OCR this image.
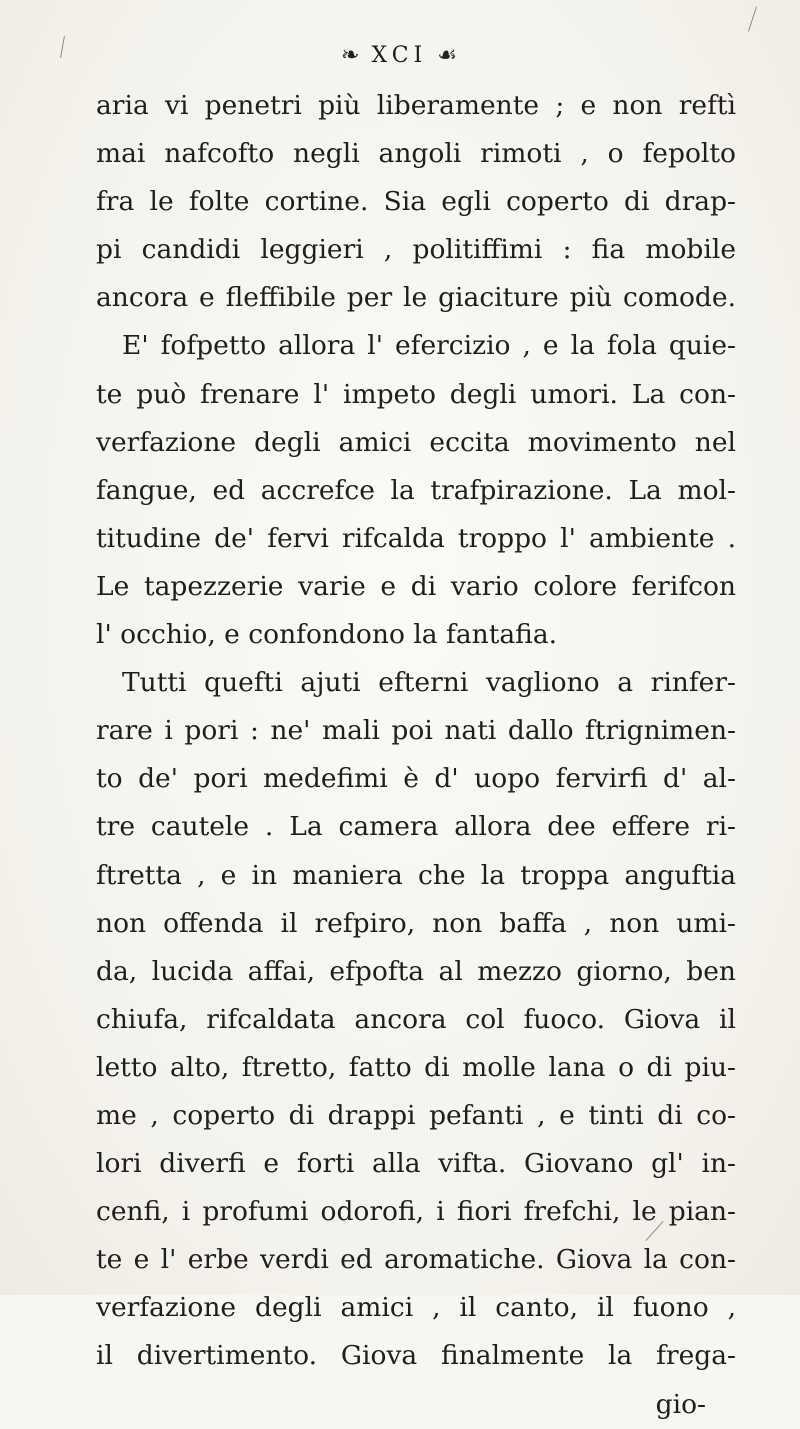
❧ XCI ☙
aria vi penetri più liberamente ; e non reftì
mai nafcofto negli angoli rimoti , o fepolto
fra le folte cortine. Sia egli coperto di drap-
pi candidi leggieri , politiffimi : fia mobile
ancora e fleffibile per le giaciture più comode.
E' fofpetto allora l' efercizio , e la fola quie-
te può frenare l' impeto degli umori. La con-
verfazione degli amici eccita movimento nel
fangue, ed accrefce la trafpirazione. La mol-
titudine de' fervi rifcalda troppo l' ambiente .
Le tapezzerie varie e di vario colore ferifcon
l' occhio, e confondono la fantafia.
Tutti quefti ajuti efterni vagliono a rinfer-
rare i pori : ne' mali poi nati dallo ftrignimen-
to de' pori medefimi è d' uopo fervirfi d' al-
tre cautele . La camera allora dee effere ri-
ftretta , e in maniera che la troppa anguftia
non offenda il refpiro, non baffa , non umi-
da, lucida affai, efpofta al mezzo giorno, ben
chiufa, rifcaldata ancora col fuoco. Giova il
letto alto, ftretto, fatto di molle lana o di piu-
me , coperto di drappi pefanti , e tinti di co-
lori diverfi e forti alla vifta. Giovano gl' in-
cenfi, i profumi odorofi, i fiori frefchi, le pian-
te e l' erbe verdi ed aromatiche. Giova la con-
verfazione degli amici , il canto, il fuono ,
il divertimento. Giova finalmente la frega-
gio-
